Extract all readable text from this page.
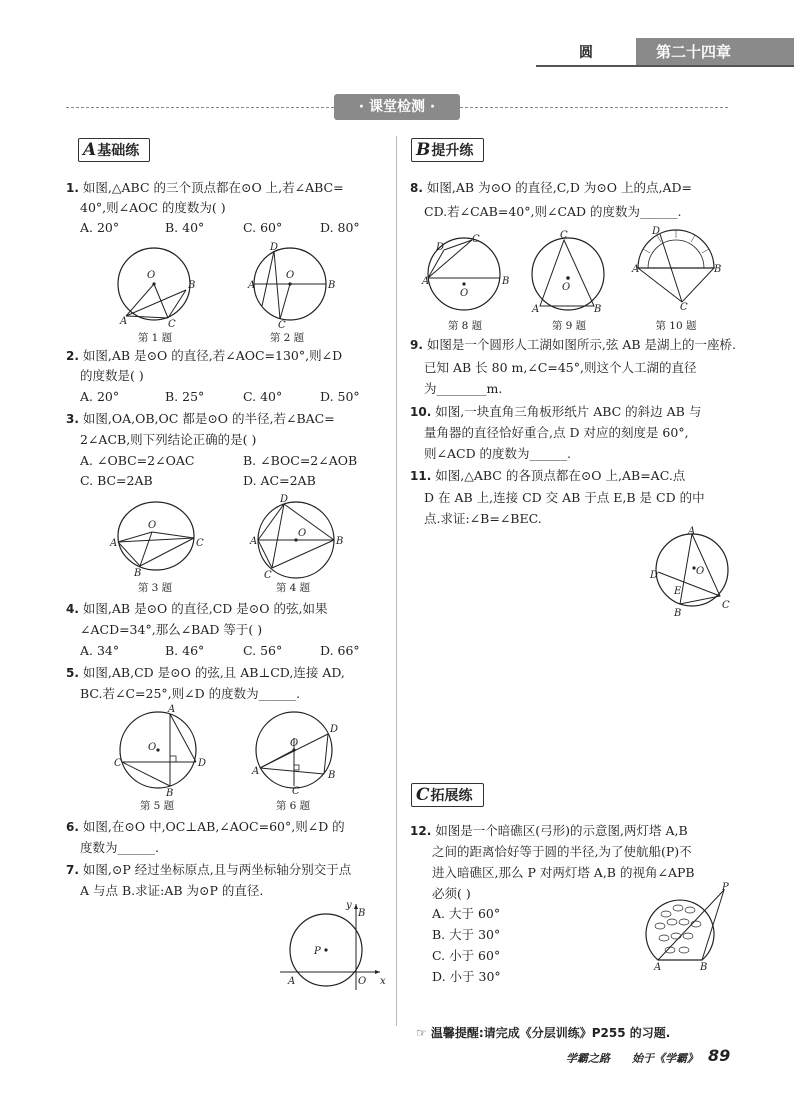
圆	第二十四章
· 课堂检测 ·
A基础练
1. 如图,△ABC 的三个顶点都在⊙O 上,若∠ABC=
40°,则∠AOC 的度数为( )
A. 20°	B. 40°	C. 60°	D. 80°
O
A
B
C
第 1 题
D
O
B
A
C
第 2 题
2. 如图,AB 是⊙O 的直径,若∠AOC=130°,则∠D
的度数是( )
A. 20°	B. 25°	C. 40°	D. 50°
3. 如图,OA,OB,OC 都是⊙O 的半径,若∠BAC=
2∠ACB,则下列结论正确的是( )
A. ∠OBC=2∠OAC	B. ∠BOC=2∠AOB
C. BC=2AB	D. AC=2AB
O
A	C
B
第 3 题
D
O
A	B
C
第 4 题
4. 如图,AB 是⊙O 的直径,CD 是⊙O 的弦,如果
∠ACD=34°,那么∠BAD 等于( )
A. 34°	B. 46°	C. 56°	D. 66°
5. 如图,AB,CD 是⊙O 的弦,且 AB⊥CD,连接 AD,
BC.若∠C=25°,则∠D 的度数为______.
A
O
C	D
B
第 5 题
O
A	B
C
D
第 6 题
6. 如图,在⊙O 中,OC⊥AB,∠AOC=60°,则∠D 的
度数为______.
7. 如图,⊙P 经过坐标原点,且与两坐标轴分别交于点
A 与点 B.求证:AB 为⊙P 的直径.
P
y
x
A	O
B
B提升练
8. 如图,AB 为⊙O 的直径,C,D 为⊙O 上的点,AD=
CD.若∠CAB=40°,则∠CAD 的度数为______.
D
C
A	B
O
第 8 题
C
O
A	B
第 9 题
D
A	B
C
第 10 题
9. 如图是一个圆形人工湖如图所示,弦 AB 是湖上的一座桥.
已知 AB 长 80 m,∠C=45°,则这个人工湖的直径
为________m.
10. 如图,一块直角三角板形纸片 ABC 的斜边 AB 与
量角器的直径恰好重合,点 D 对应的刻度是 60°,
则∠ACD 的度数为______.
11. 如图,△ABC 的各顶点都在⊙O 上,AB=AC.点
D 在 AB 上,连接 CD 交 AB 于点 E,B 是 CD 的中
点.求证:∠B=∠BEC.
A
D
E
O
B
C
C拓展练
12. 如图是一个暗礁区(弓形)的示意图,两灯塔 A,B
之间的距离恰好等于圆的半径,为了使航船(P)不
进入暗礁区,那么 P 对两灯塔 A,B 的视角∠APB
必须( )
A. 大于 60°
B. 大于 30°
C. 小于 60°
D. 小于 30°
P
A	B
☞ 温馨提醒:请完成《分层训练》P255 的习题.
学霸之路 始于《学霸》 89
